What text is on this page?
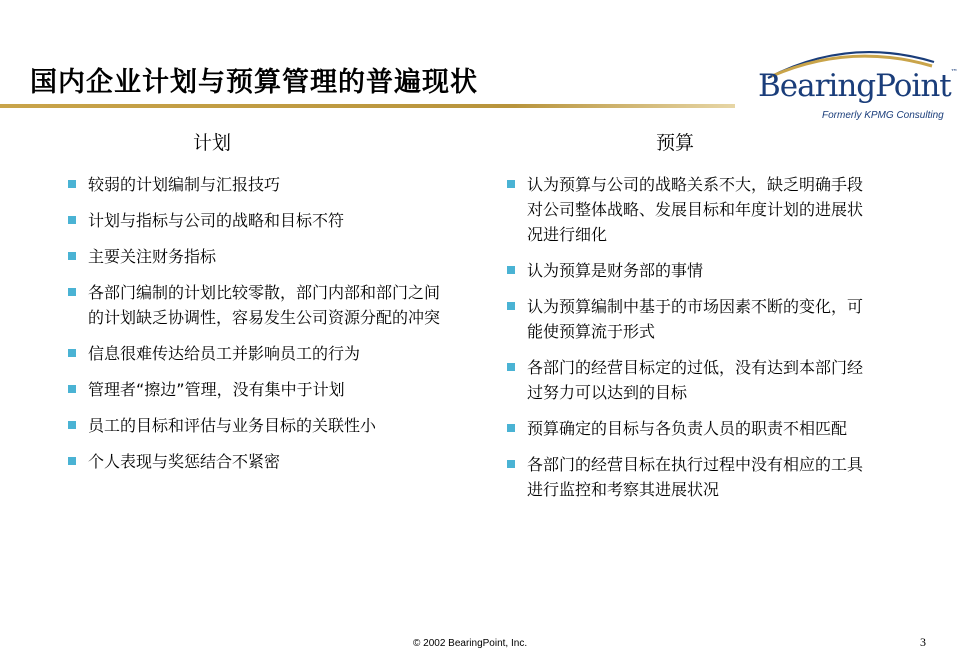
国内企业计划与预算管理的普遍现状	BearingPoint™
Formerly KPMG Consulting
计划	预算
较弱的计划编制与汇报技巧
计划与指标与公司的战略和目标不符
主要关注财务指标
各部门编制的计划比较零散，部门内部和部门之间的计划缺乏协调性，容易发生公司资源分配的冲突
信息很难传达给员工并影响员工的行为
管理者“擦边”管理，没有集中于计划
员工的目标和评估与业务目标的关联性小
个人表现与奖惩结合不紧密
认为预算与公司的战略关系不大，缺乏明确手段对公司整体战略、发展目标和年度计划的进展状况进行细化
认为预算是财务部的事情
认为预算编制中基于的市场因素不断的变化，可能使预算流于形式
各部门的经营目标定的过低，没有达到本部门经过努力可以达到的目标
预算确定的目标与各负责人员的职责不相匹配
各部门的经营目标在执行过程中没有相应的工具进行监控和考察其进展状况
© 2002 BearingPoint, Inc.	3
